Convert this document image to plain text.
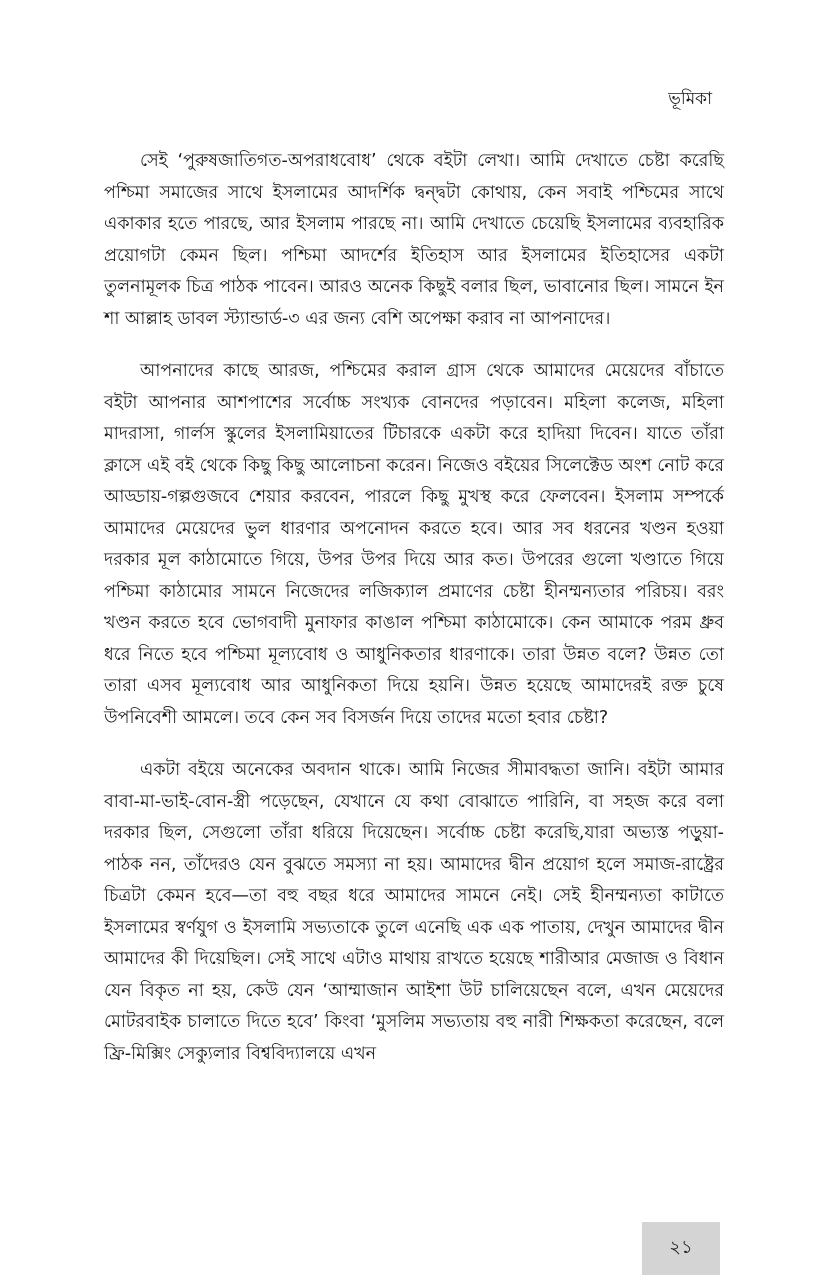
ভূমিকা

সেই ‘পুরুষজাতিগত-অপরাধবোধ’ থেকে বইটা লেখা। আমি দেখাতে চেষ্টা করেছি পশ্চিমা সমাজের সাথে ইসলামের আদর্শিক দ্বন্দ্বটা কোথায়, কেন সবাই পশ্চিমের সাথে একাকার হতে পারছে, আর ইসলাম পারছে না। আমি দেখাতে চেয়েছি ইসলামের ব্যবহারিক প্রয়োগটা কেমন ছিল। পশ্চিমা আদর্শের ইতিহাস আর ইসলামের ইতিহাসের একটা তুলনামূলক চিত্র পাঠক পাবেন। আরও অনেক কিছুই বলার ছিল, ভাবানোর ছিল। সামনে ইন শা আল্লাহ ডাবল স্ট্যান্ডার্ড-৩ এর জন্য বেশি অপেক্ষা করাব না আপনাদের।

আপনাদের কাছে আরজ, পশ্চিমের করাল গ্রাস থেকে আমাদের মেয়েদের বাঁচাতে বইটা আপনার আশপাশের সর্বোচ্চ সংখ্যক বোনদের পড়াবেন। মহিলা কলেজ, মহিলা মাদরাসা, গার্লস স্কুলের ইসলামিয়াতের টিচারকে একটা করে হাদিয়া দিবেন। যাতে তাঁরা ক্লাসে এই বই থেকে কিছু কিছু আলোচনা করেন। নিজেও বইয়ের সিলেক্টেড অংশ নোট করে আড্ডায়-গল্পগুজবে শেয়ার করবেন, পারলে কিছু মুখস্থ করে ফেলবেন। ইসলাম সম্পর্কে আমাদের মেয়েদের ভুল ধারণার অপনোদন করতে হবে। আর সব ধরনের খণ্ডন হওয়া দরকার মূল কাঠামোতে গিয়ে, উপর উপর দিয়ে আর কত। উপরের গুলো খণ্ডাতে গিয়ে পশ্চিমা কাঠামোর সামনে নিজেদের লজিক্যাল প্রমাণের চেষ্টা হীনম্মন্যতার পরিচয়। বরং খণ্ডন করতে হবে ভোগবাদী মুনাফার কাঙাল পশ্চিমা কাঠামোকে। কেন আমাকে পরম ধ্রুব ধরে নিতে হবে পশ্চিমা মূল্যবোধ ও আধুনিকতার ধারণাকে। তারা উন্নত বলে? উন্নত তো তারা এসব মূল্যবোধ আর আধুনিকতা দিয়ে হয়নি। উন্নত হয়েছে আমাদেরই রক্ত চুষে উপনিবেশী আমলে। তবে কেন সব বিসর্জন দিয়ে তাদের মতো হবার চেষ্টা?

একটা বইয়ে অনেকের অবদান থাকে। আমি নিজের সীমাবদ্ধতা জানি। বইটা আমার বাবা-মা-ভাই-বোন-স্ত্রী পড়েছেন, যেখানে যে কথা বোঝাতে পারিনি, বা সহজ করে বলা দরকার ছিল, সেগুলো তাঁরা ধরিয়ে দিয়েছেন। সর্বোচ্চ চেষ্টা করেছি,যারা অভ্যস্ত পড়ুয়া-পাঠক নন, তাঁদেরও যেন বুঝতে সমস্যা না হয়। আমাদের দ্বীন প্রয়োগ হলে সমাজ-রাষ্ট্রের চিত্রটা কেমন হবে—তা বহু বছর ধরে আমাদের সামনে নেই। সেই হীনম্মন্যতা কাটাতে ইসলামের স্বর্ণযুগ ও ইসলামি সভ্যতাকে তুলে এনেছি এক এক পাতায়, দেখুন আমাদের দ্বীন আমাদের কী দিয়েছিল। সেই সাথে এটাও মাথায় রাখতে হয়েছে শারীআর মেজাজ ও বিধান যেন বিকৃত না হয়, কেউ যেন ‘আম্মাজান আইশা উট চালিয়েছেন বলে, এখন মেয়েদের মোটরবাইক চালাতে দিতে হবে’ কিংবা ‘মুসলিম সভ্যতায় বহু নারী শিক্ষকতা করেছেন, বলে ফ্রি-মিক্সিং সেক্যুলার বিশ্ববিদ্যালয়ে এখন

২১
